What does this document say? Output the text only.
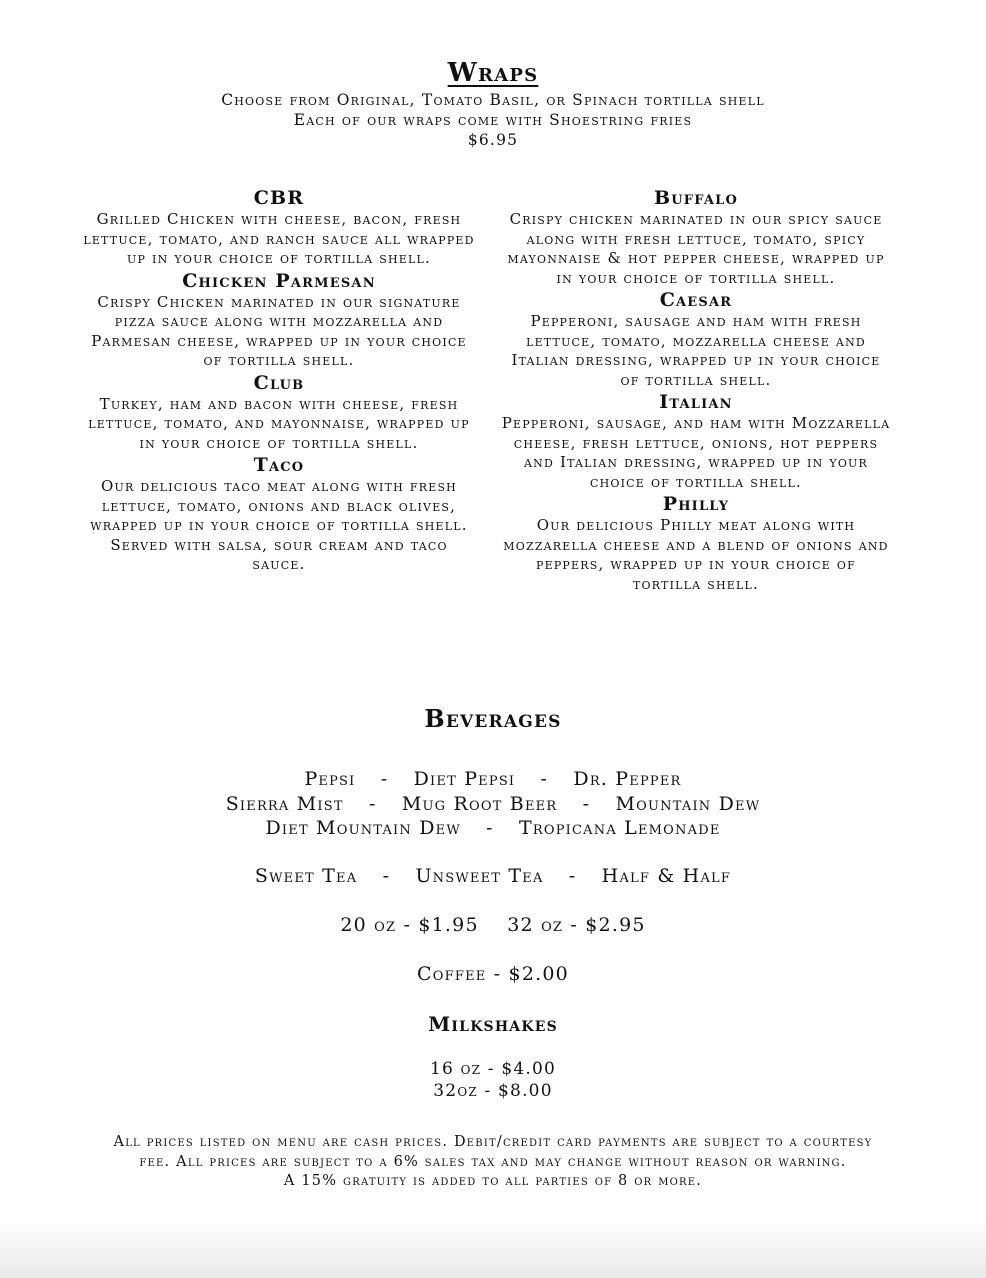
Wraps
Choose from Original, Tomato Basil, or Spinach tortilla shell
Each of our wraps come with Shoestring fries
$6.95
CBR
Grilled Chicken with cheese, bacon, fresh lettuce, tomato, and ranch sauce all wrapped up in your choice of tortilla shell.
Chicken Parmesan
Crispy Chicken marinated in our signature pizza sauce along with mozzarella and Parmesan cheese, wrapped up in your choice of tortilla shell.
Club
Turkey, ham and bacon with cheese, fresh lettuce, tomato, and mayonnaise, wrapped up in your choice of tortilla shell.
Taco
Our delicious taco meat along with fresh lettuce, tomato, onions and black olives, wrapped up in your choice of tortilla shell. Served with salsa, sour cream and taco sauce.
Buffalo
Crispy chicken marinated in our spicy sauce along with fresh lettuce, tomato, spicy mayonnaise & hot pepper cheese, wrapped up in your choice of tortilla shell.
Caesar
Pepperoni, sausage and ham with fresh lettuce, tomato, mozzarella cheese and Italian dressing, wrapped up in your choice of tortilla shell.
Italian
Pepperoni, sausage, and ham with Mozzarella cheese, fresh lettuce, onions, hot peppers and Italian dressing, wrapped up in your choice of tortilla shell.
Philly
Our delicious Philly meat along with mozzarella cheese and a blend of onions and peppers, wrapped up in your choice of tortilla shell.
Beverages
Pepsi - Diet Pepsi - Dr. Pepper
Sierra Mist - Mug Root Beer - Mountain Dew
Diet Mountain Dew - Tropicana Lemonade
Sweet Tea - Unsweet Tea - Half & Half
20 oz - $1.95 32 oz - $2.95
Coffee - $2.00
Milkshakes
16 oz - $4.00
32oz - $8.00
All prices listed on menu are cash prices. Debit/credit card payments are subject to a courtesy fee. All prices are subject to a 6% sales tax and may change without reason or warning.
A 15% gratuity is added to all parties of 8 or more.
